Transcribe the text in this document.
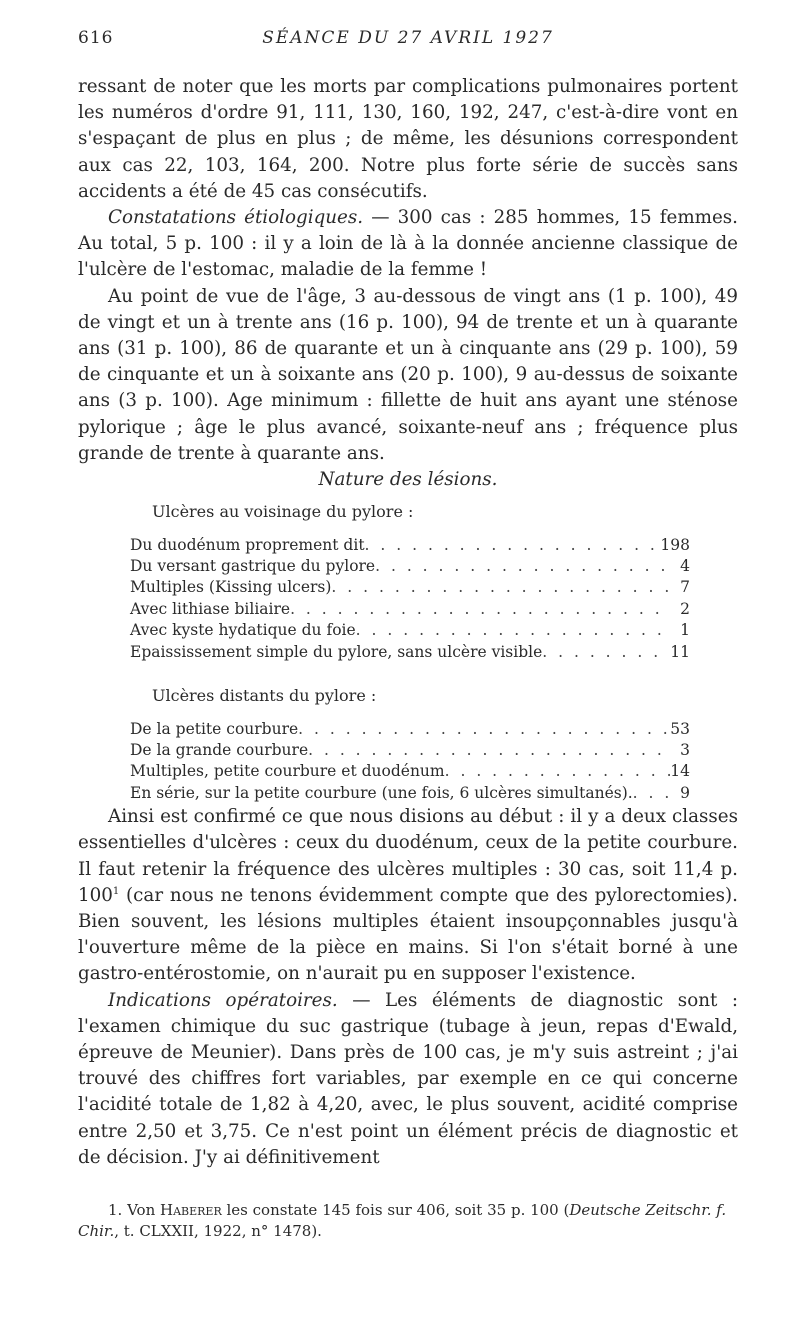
616	SÉANCE DU 27 AVRIL 1927

ressant de noter que les morts par complications pulmonaires portent les numéros d'ordre 91, 111, 130, 160, 192, 247, c'est-à-dire vont en s'espaçant de plus en plus ; de même, les désunions correspondent aux cas 22, 103, 164, 200. Notre plus forte série de succès sans accidents a été de 45 cas consécutifs.

Constatations étiologiques. — 300 cas : 285 hommes, 15 femmes. Au total, 5 p. 100 : il y a loin de là à la donnée ancienne classique de l'ulcère de l'estomac, maladie de la femme !

Au point de vue de l'âge, 3 au-dessous de vingt ans (1 p. 100), 49 de vingt et un à trente ans (16 p. 100), 94 de trente et un à quarante ans (31 p. 100), 86 de quarante et un à cinquante ans (29 p. 100), 59 de cinquante et un à soixante ans (20 p. 100), 9 au-dessus de soixante ans (3 p. 100). Age minimum : fillette de huit ans ayant une sténose pylorique ; âge le plus avancé, soixante-neuf ans ; fréquence plus grande de trente à quarante ans.

Nature des lésions.

Ulcères au voisinage du pylore :
Du duodénum proprement dit . . .	198
Du versant gastrique du pylore . . .	4
Multiples (Kissing ulcers) . . .	7
Avec lithiase biliaire . . .	2
Avec kyste hydatique du foie . . .	1
Epaississement simple du pylore, sans ulcère visible . . .	11
Ulcères distants du pylore :
De la petite courbure . . .	53
De la grande courbure . . .	3
Multiples, petite courbure et duodénum . . .	14
En série, sur la petite courbure (une fois, 6 ulcères simultanés). . . .	9

Ainsi est confirmé ce que nous disions au début : il y a deux classes essentielles d'ulcères : ceux du duodénum, ceux de la petite courbure. Il faut retenir la fréquence des ulcères multiples : 30 cas, soit 11,4 p. $100^1$ (car nous ne tenons évidemment compte que des pylorectomies). Bien souvent, les lésions multiples étaient insoupçonnables jusqu'à l'ouverture même de la pièce en mains. Si l'on s'était borné à une gastro-entérostomie, on n'aurait pu en supposer l'existence.

Indications opératoires. — Les éléments de diagnostic sont : l'examen chimique du suc gastrique (tubage à jeun, repas d'Ewald, épreuve de Meunier). Dans près de 100 cas, je m'y suis astreint ; j'ai trouvé des chiffres fort variables, par exemple en ce qui concerne l'acidité totale de 1,82 à 4,20, avec, le plus souvent, acidité comprise entre 2,50 et 3,75. Ce n'est point un élément précis de diagnostic et de décision. J'y ai définitivement

1. Von Haberer les constate 145 fois sur 406, soit 35 p. 100 (Deutsche Zeitschr. f. Chir., t. CLXXII, 1922, n° 1478).
